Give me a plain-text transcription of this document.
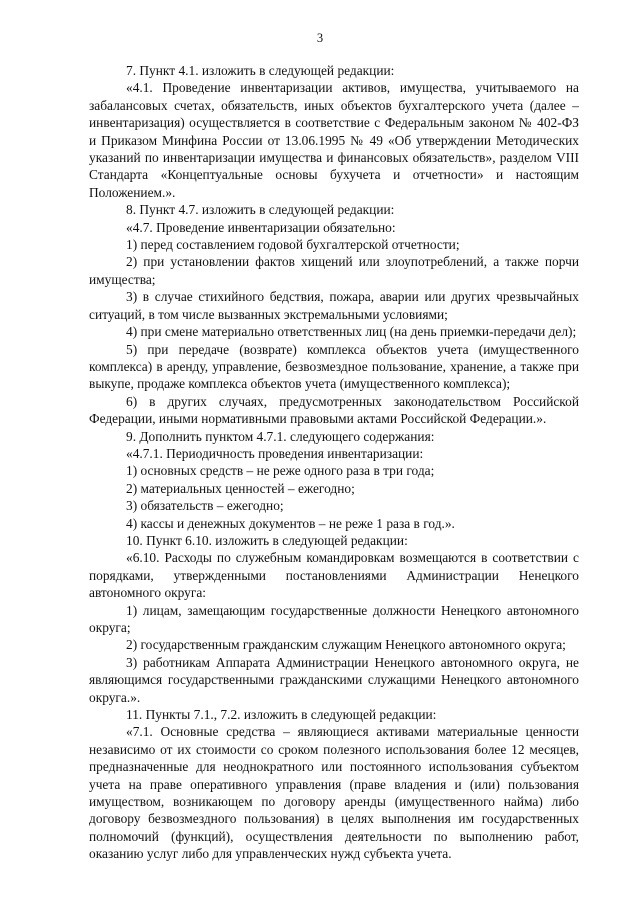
3

7. Пункт 4.1. изложить в следующей редакции:

«4.1. Проведение инвентаризации активов, имущества, учитываемого на забалансовых счетах, обязательств, иных объектов бухгалтерского учета (далее – инвентаризация) осуществляется в соответствие с Федеральным законом № 402-ФЗ и Приказом Минфина России от 13.06.1995 № 49 «Об утверждении Методических указаний по инвентаризации имущества и финансовых обязательств», разделом VIII Стандарта «Концептуальные основы бухучета и отчетности» и настоящим Положением.».

8. Пункт 4.7. изложить в следующей редакции:

«4.7. Проведение инвентаризации обязательно:

1) перед составлением годовой бухгалтерской отчетности;

2) при установлении фактов хищений или злоупотреблений, а также порчи имущества;

3) в случае стихийного бедствия, пожара, аварии или других чрезвычайных ситуаций, в том числе вызванных экстремальными условиями;

4) при смене материально ответственных лиц (на день приемки-передачи дел);

5) при передаче (возврате) комплекса объектов учета (имущественного комплекса) в аренду, управление, безвозмездное пользование, хранение, а также при выкупе, продаже комплекса объектов учета (имущественного комплекса);

6) в других случаях, предусмотренных законодательством Российской Федерации, иными нормативными правовыми актами Российской Федерации.».

9. Дополнить пунктом 4.7.1. следующего содержания:

«4.7.1. Периодичность проведения инвентаризации:

1) основных средств – не реже одного раза в три года;

2) материальных ценностей – ежегодно;

3) обязательств – ежегодно;

4) кассы и денежных документов – не реже 1 раза в год.».

10. Пункт 6.10. изложить в следующей редакции:

«6.10. Расходы по служебным командировкам возмещаются в соответствии с порядками, утвержденными постановлениями Администрации Ненецкого автономного округа:

1) лицам, замещающим государственные должности Ненецкого автономного округа;

2) государственным гражданским служащим Ненецкого автономного округа;

3) работникам Аппарата Администрации Ненецкого автономного округа, не являющимся государственными гражданскими служащими Ненецкого автономного округа.».

11. Пункты 7.1., 7.2. изложить в следующей редакции:

«7.1. Основные средства – являющиеся активами материальные ценности независимо от их стоимости со сроком полезного использования более 12 месяцев, предназначенные для неоднократного или постоянного использования субъектом учета на праве оперативного управления (праве владения и (или) пользования имуществом, возникающем по договору аренды (имущественного найма) либо договору безвозмездного пользования) в целях выполнения им государственных полномочий (функций), осуществления деятельности по выполнению работ, оказанию услуг либо для управленческих нужд субъекта учета.
